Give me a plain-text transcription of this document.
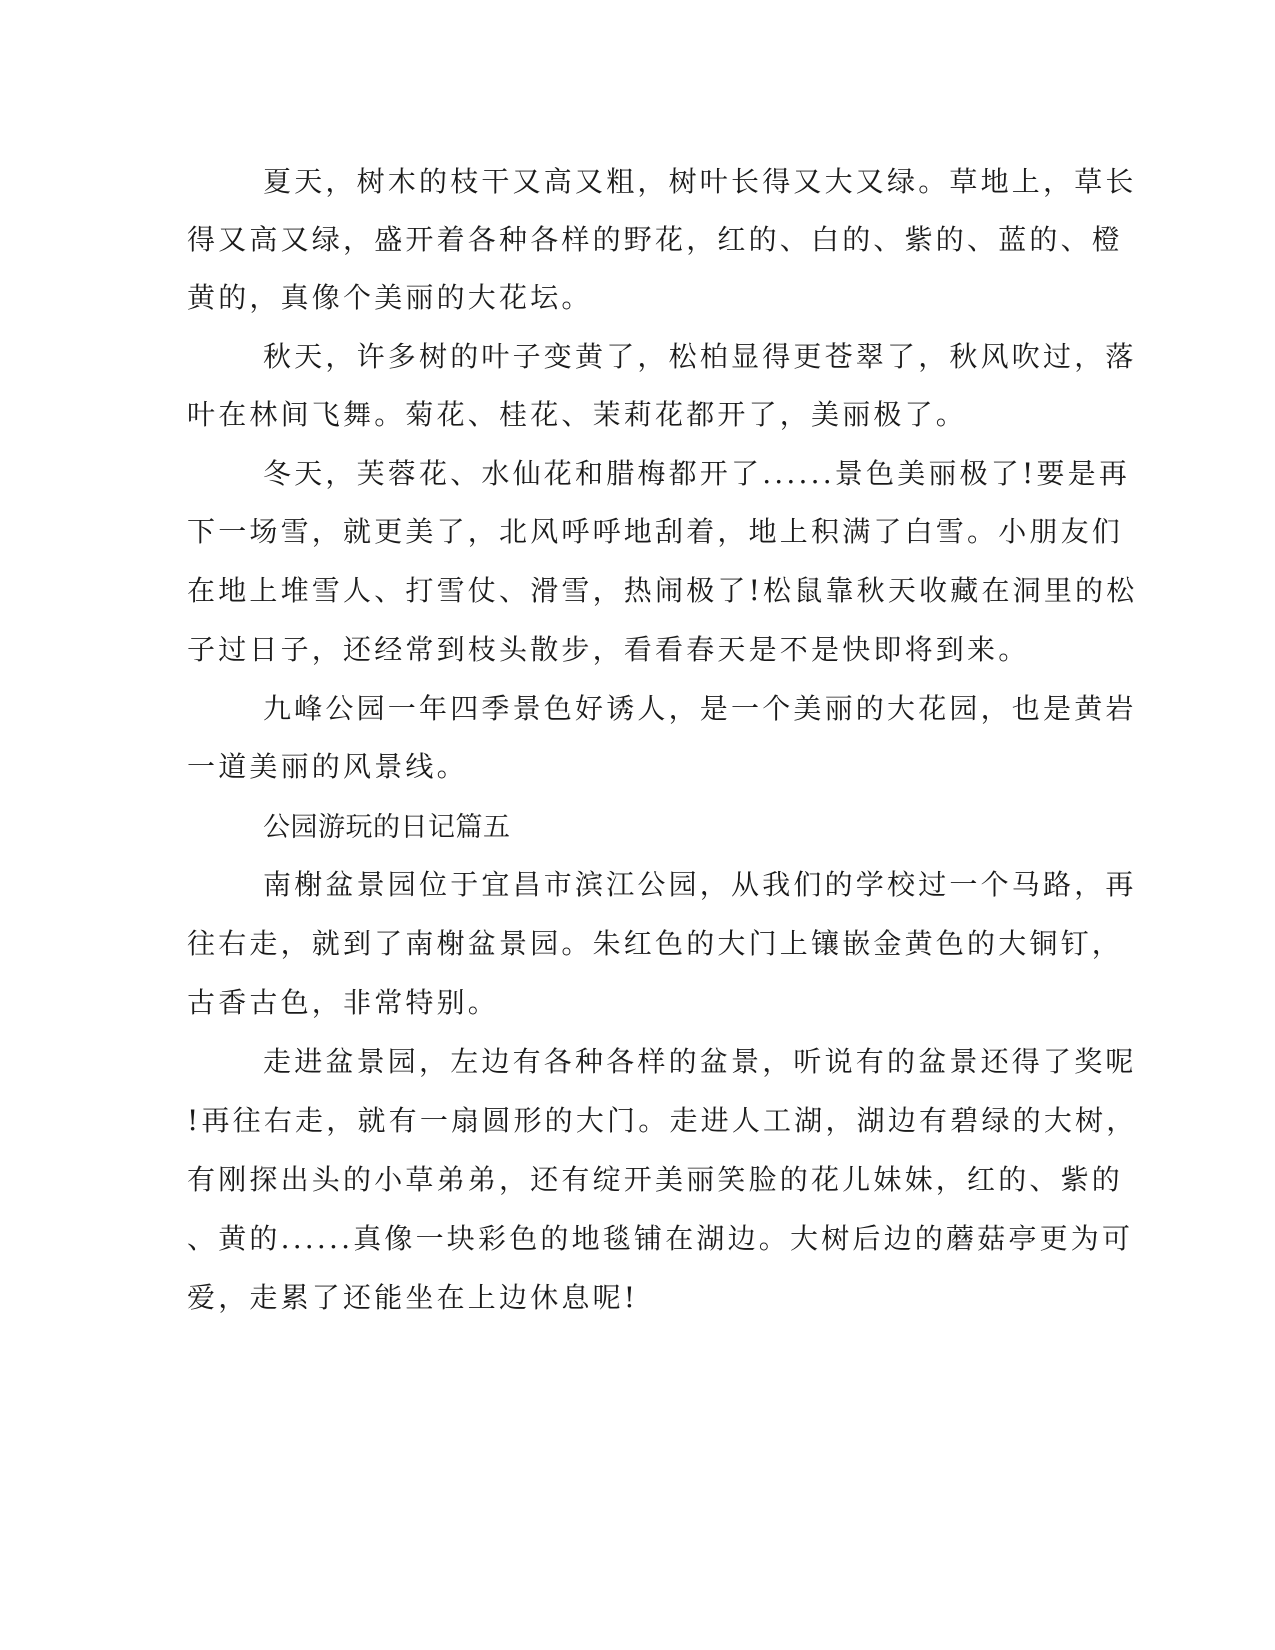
夏天，树木的枝干又高又粗，树叶长得又大又绿。草地上，草长
得又高又绿，盛开着各种各样的野花，红的、白的、紫的、蓝的、橙
黄的，真像个美丽的大花坛。
秋天，许多树的叶子变黄了，松柏显得更苍翠了，秋风吹过，落
叶在林间飞舞。菊花、桂花、茉莉花都开了，美丽极了。
冬天，芙蓉花、水仙花和腊梅都开了......景色美丽极了!要是再
下一场雪，就更美了，北风呼呼地刮着，地上积满了白雪。小朋友们
在地上堆雪人、打雪仗、滑雪，热闹极了!松鼠靠秋天收藏在洞里的松
子过日子，还经常到枝头散步，看看春天是不是快即将到来。
九峰公园一年四季景色好诱人，是一个美丽的大花园，也是黄岩
一道美丽的风景线。
公园游玩的日记篇五
南榭盆景园位于宜昌市滨江公园，从我们的学校过一个马路，再
往右走，就到了南榭盆景园。朱红色的大门上镶嵌金黄色的大铜钉，
古香古色，非常特别。
走进盆景园，左边有各种各样的盆景，听说有的盆景还得了奖呢
!再往右走，就有一扇圆形的大门。走进人工湖，湖边有碧绿的大树，
有刚探出头的小草弟弟，还有绽开美丽笑脸的花儿妹妹，红的、紫的
、黄的......真像一块彩色的地毯铺在湖边。大树后边的蘑菇亭更为可
爱，走累了还能坐在上边休息呢!
